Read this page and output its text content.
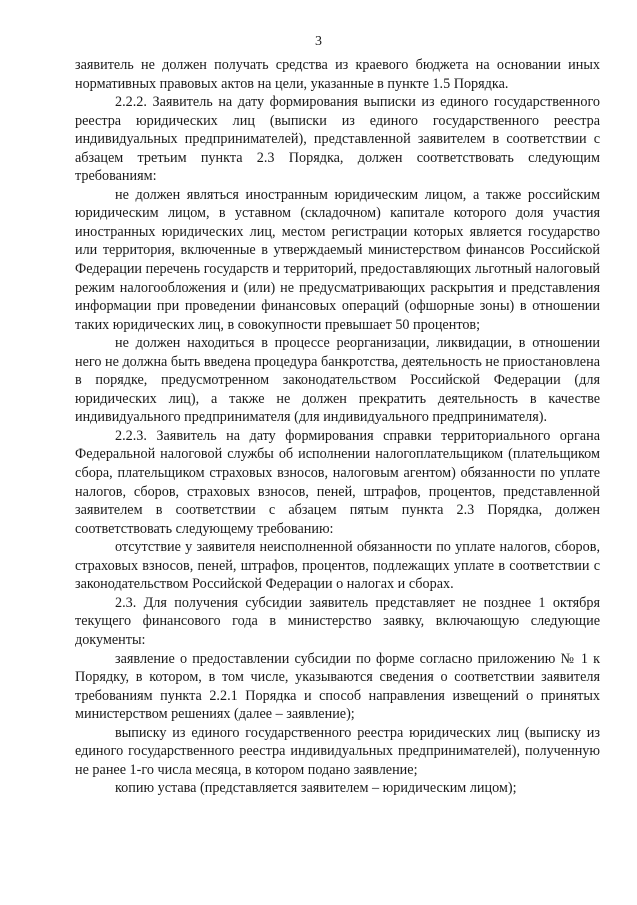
3

заявитель не должен получать средства из краевого бюджета на основании иных нормативных правовых актов на цели, указанные в пункте 1.5 Порядка.

2.2.2. Заявитель на дату формирования выписки из единого государственного реестра юридических лиц (выписки из единого государственного реестра индивидуальных предпринимателей), представленной заявителем в соответствии с абзацем третьим пункта 2.3 Порядка, должен соответствовать следующим требованиям:

не должен являться иностранным юридическим лицом, а также российским юридическим лицом, в уставном (складочном) капитале которого доля участия иностранных юридических лиц, местом регистрации которых является государство или территория, включенные в утверждаемый министерством финансов Российской Федерации перечень государств и территорий, предоставляющих льготный налоговый режим налогообложения и (или) не предусматривающих раскрытия и представления информации при проведении финансовых операций (офшорные зоны) в отношении таких юридических лиц, в совокупности превышает 50 процентов;

не должен находиться в процессе реорганизации, ликвидации, в отношении него не должна быть введена процедура банкротства, деятельность не приостановлена в порядке, предусмотренном законодательством Российской Федерации (для юридических лиц), а также не должен прекратить деятельность в качестве индивидуального предпринимателя (для индивидуального предпринимателя).

2.2.3. Заявитель на дату формирования справки территориального органа Федеральной налоговой службы об исполнении налогоплательщиком (плательщиком сбора, плательщиком страховых взносов, налоговым агентом) обязанности по уплате налогов, сборов, страховых взносов, пеней, штрафов, процентов, представленной заявителем в соответствии с абзацем пятым пункта 2.3 Порядка, должен соответствовать следующему требованию:

отсутствие у заявителя неисполненной обязанности по уплате налогов, сборов, страховых взносов, пеней, штрафов, процентов, подлежащих уплате в соответствии с законодательством Российской Федерации о налогах и сборах.

2.3. Для получения субсидии заявитель представляет не позднее 1 октября текущего финансового года в министерство заявку, включающую следующие документы:

заявление о предоставлении субсидии по форме согласно приложению № 1 к Порядку, в котором, в том числе, указываются сведения о соответствии заявителя требованиям пункта 2.2.1 Порядка и способ направления извещений о принятых министерством решениях (далее – заявление);

выписку из единого государственного реестра юридических лиц (выписку из единого государственного реестра индивидуальных предпринимателей), полученную не ранее 1-го числа месяца, в котором подано заявление;

копию устава (представляется заявителем – юридическим лицом);
